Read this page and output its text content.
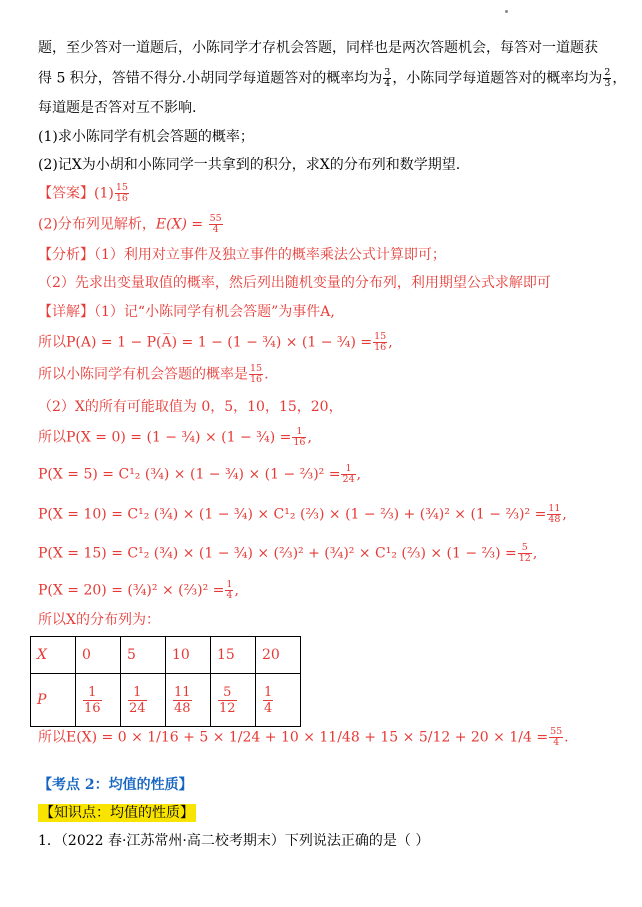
题，至少答对一道题后，小陈同学才存机会答题，同样也是两次答题机会，每答对一道题获
得 5 积分，答错不得分.小胡同学每道题答对的概率均为 $\frac{3}{4}$ ，小陈同学每道题答对的概率均为 $\frac{2}{3}$ ，
每道题是否答对互不影响.
(1)求小陈同学有机会答题的概率；
(2)记X为小胡和小陈同学一共拿到的积分，求X的分布列和数学期望.
【答案】$(1) \frac{15}{16}$
(2)分布列见解析，$E(X) = \frac{55}{4}$
【分析】（1）利用对立事件及独立事件的概率乘法公式计算即可；
（2）先求出变量取值的概率，然后列出随机变量的分布列，利用期望公式求解即可
【详解】（1）记“小陈同学有机会答题”为事件A,
所以P(A) = 1 − P(A̅) = 1 − (1 − ¾) × (1 − ¾) = $\frac{15}{16}$ ,
所以小陈同学有机会答题的概率是 $\frac{15}{16}$ .
（2）X的所有可能取值为 0，5，10，15，20，
所以P(X = 0) = (1 − ¾) × (1 − ¾) = $\frac{1}{16}$ ,
P(X = 5) = C¹₂ (¾) × (1 − ¾) × (1 − ⅔)² = $\frac{1}{24}$ ,
P(X = 10) = C¹₂ (¾) × (1 − ¾) × C¹₂ (⅔) × (1 − ⅔) + (¾)² × (1 − ⅔)² = $\frac{11}{48}$ ,
P(X = 15) = C¹₂ (¾) × (1 − ¾) × (⅔)² + (¾)² × C¹₂ (⅔) × (1 − ⅔) = $\frac{5}{12}$ ,
P(X = 20) = (¾)² × (⅔)² = $\frac{1}{4}$ ,
所以X的分布列为：
X	0	5	10	15	20
P	$\frac{1}{16}$	$\frac{1}{24}$	$\frac{11}{48}$	$\frac{5}{12}$	$\frac{1}{4}$
所以$E(X) = 0 \times 1/16 + 5 \times 1/24 + 10 \times 11/48 + 15 \times 5/12 + 20 \times 1/4 = \frac{55}{4}$ .
【考点 2：均值的性质】
【知识点：均值的性质】
1．（2022 春·江苏常州·高二校考期末）下列说法正确的是（ ）
